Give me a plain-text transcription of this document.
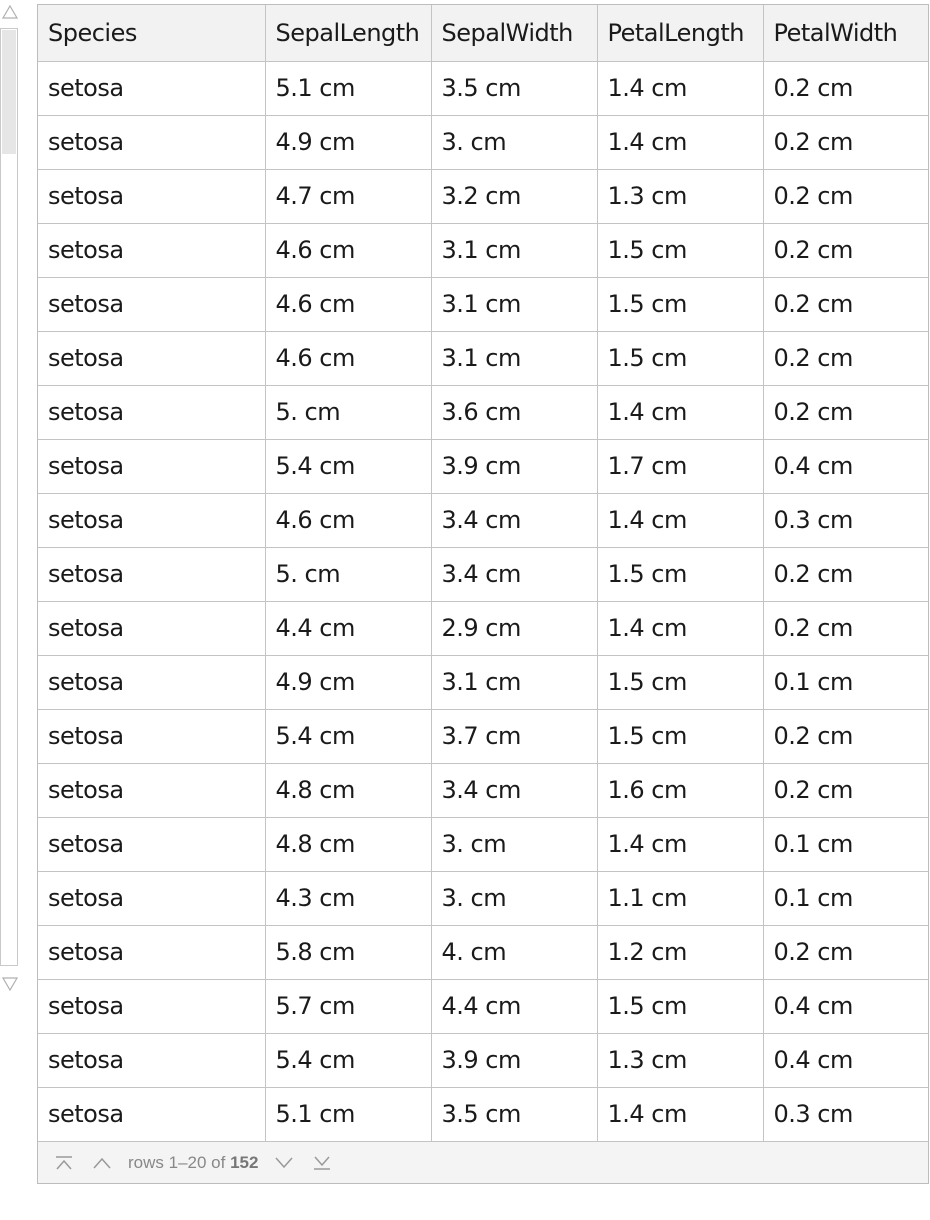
Species	SepalLength	SepalWidth	PetalLength	PetalWidth
setosa	5.1 cm	3.5 cm	1.4 cm	0.2 cm
setosa	4.9 cm	3. cm	1.4 cm	0.2 cm
setosa	4.7 cm	3.2 cm	1.3 cm	0.2 cm
setosa	4.6 cm	3.1 cm	1.5 cm	0.2 cm
setosa	4.6 cm	3.1 cm	1.5 cm	0.2 cm
setosa	4.6 cm	3.1 cm	1.5 cm	0.2 cm
setosa	5. cm	3.6 cm	1.4 cm	0.2 cm
setosa	5.4 cm	3.9 cm	1.7 cm	0.4 cm
setosa	4.6 cm	3.4 cm	1.4 cm	0.3 cm
setosa	5. cm	3.4 cm	1.5 cm	0.2 cm
setosa	4.4 cm	2.9 cm	1.4 cm	0.2 cm
setosa	4.9 cm	3.1 cm	1.5 cm	0.1 cm
setosa	5.4 cm	3.7 cm	1.5 cm	0.2 cm
setosa	4.8 cm	3.4 cm	1.6 cm	0.2 cm
setosa	4.8 cm	3. cm	1.4 cm	0.1 cm
setosa	4.3 cm	3. cm	1.1 cm	0.1 cm
setosa	5.8 cm	4. cm	1.2 cm	0.2 cm
setosa	5.7 cm	4.4 cm	1.5 cm	0.4 cm
setosa	5.4 cm	3.9 cm	1.3 cm	0.4 cm
setosa	5.1 cm	3.5 cm	1.4 cm	0.3 cm
rows 1–20 of 152
